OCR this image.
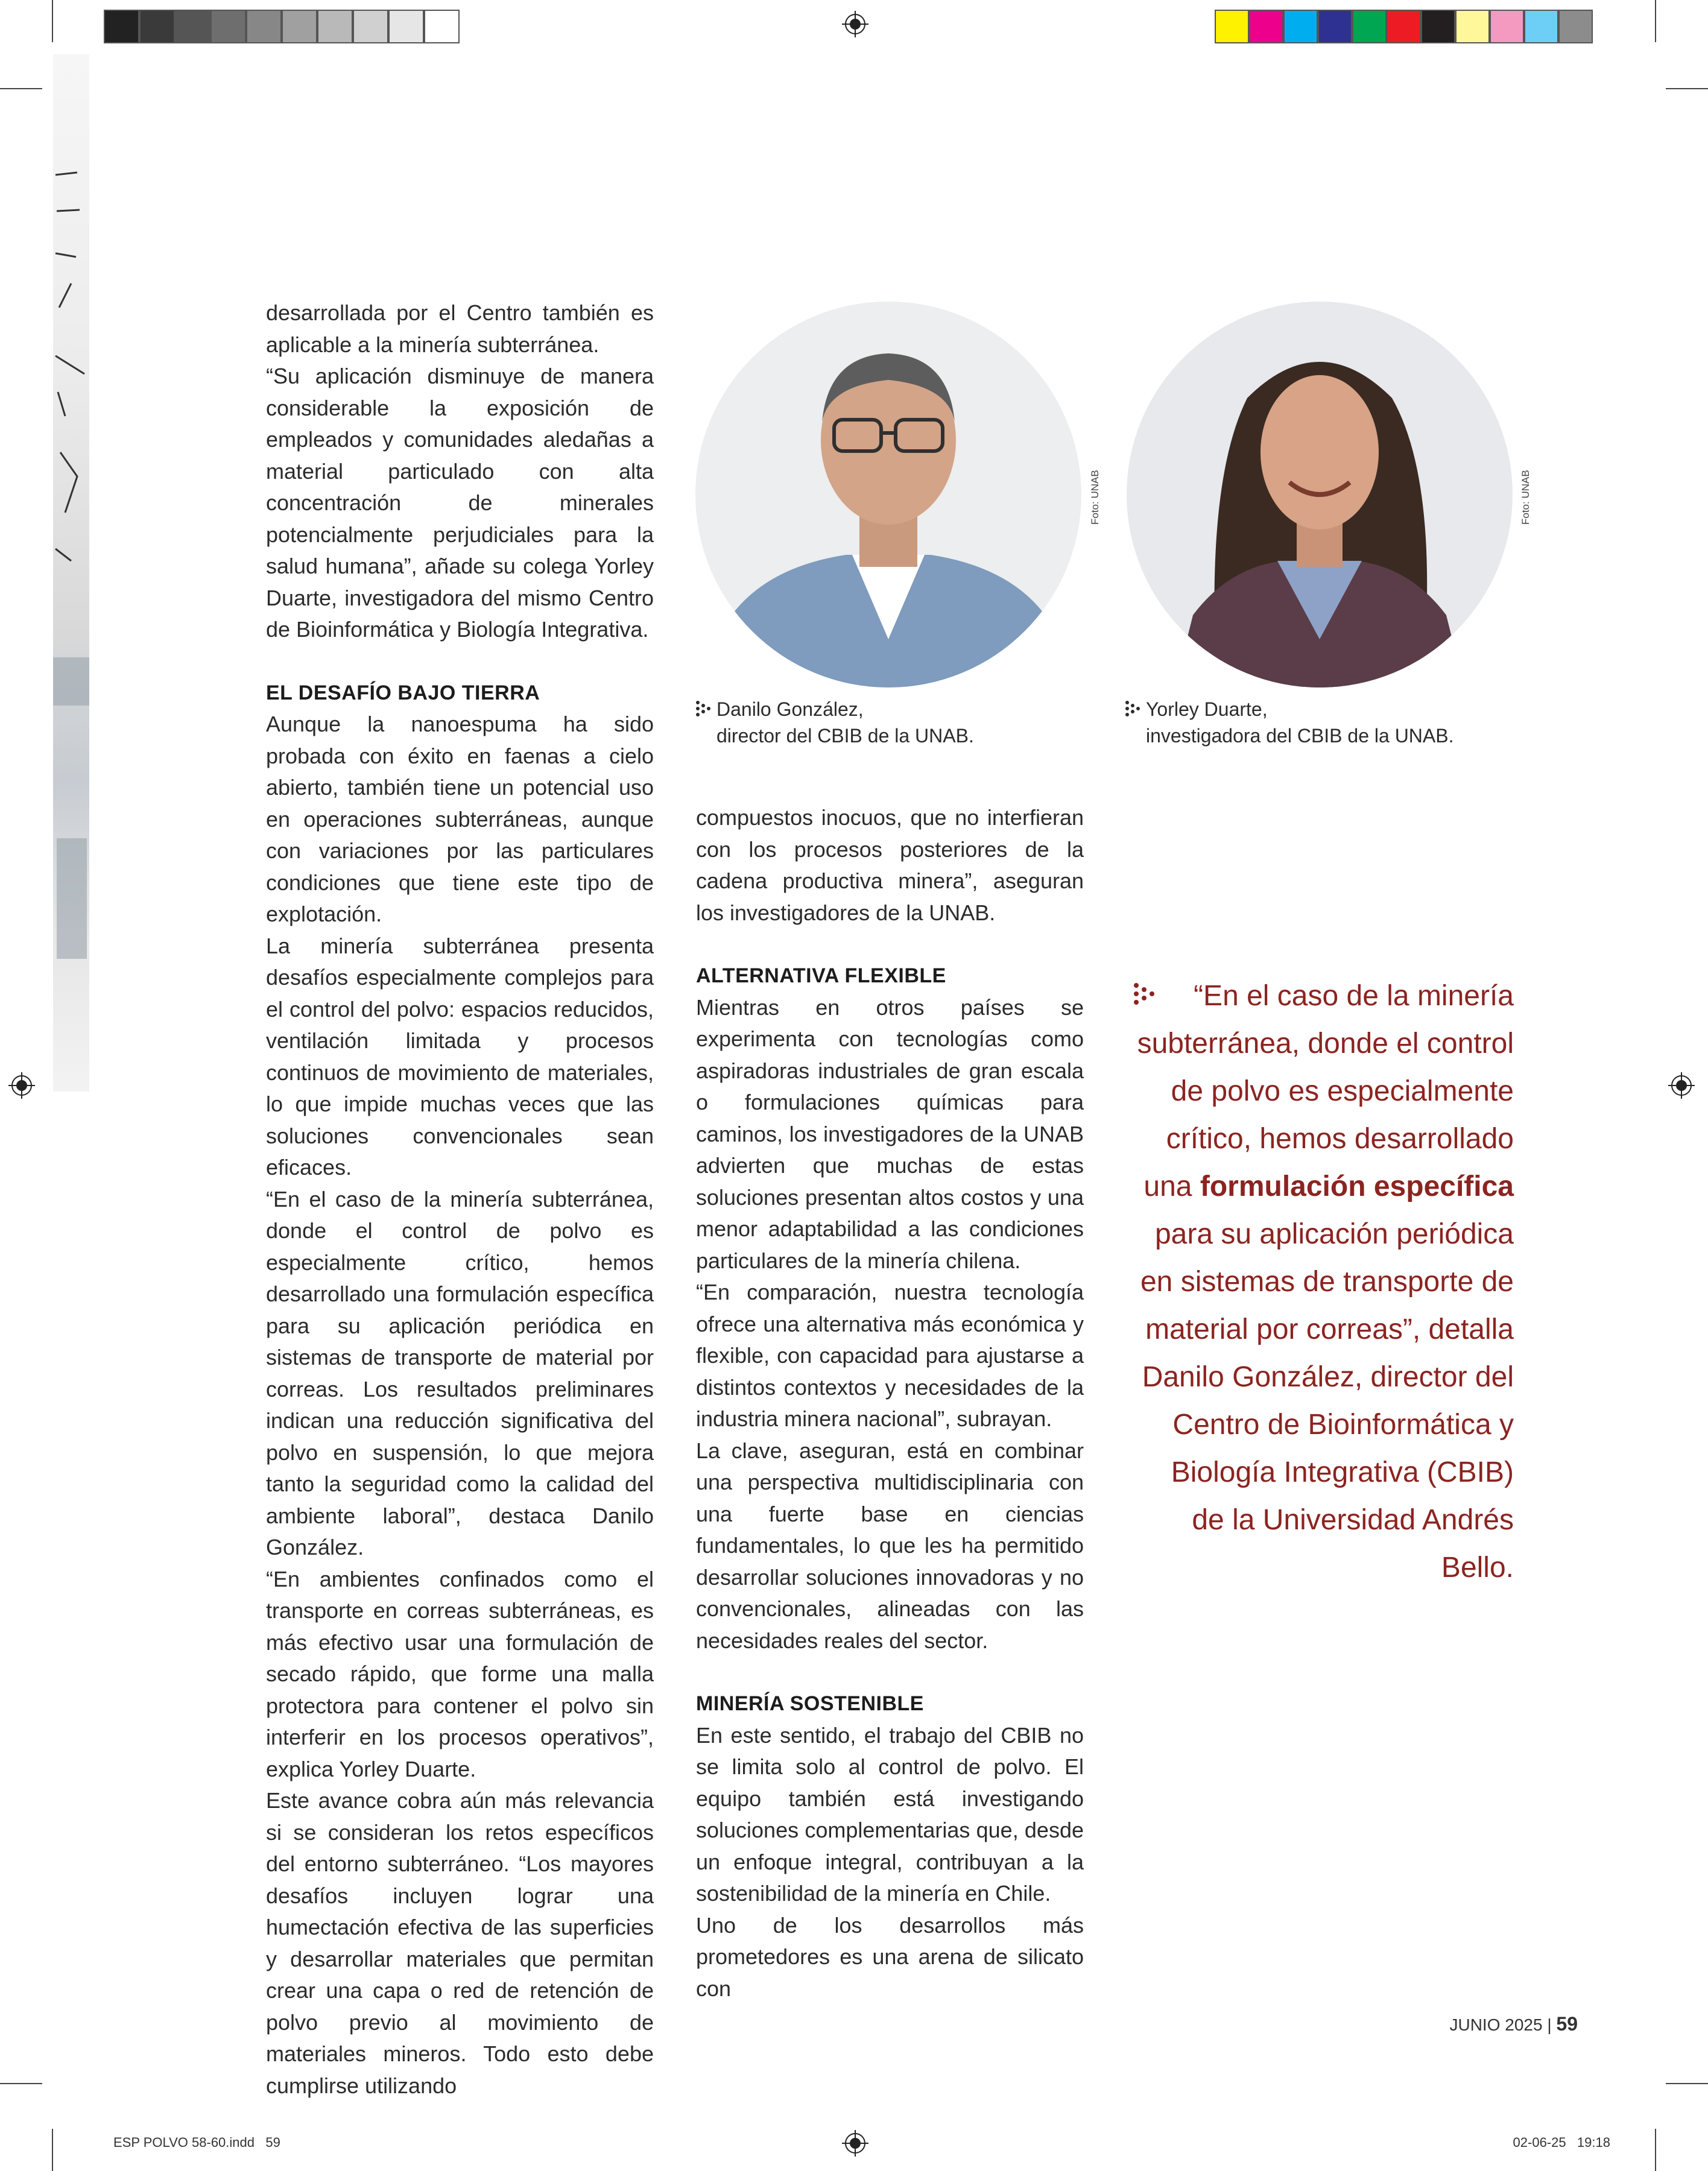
desarrollada por el Centro también es aplicable a la minería subterránea.

“Su aplicación disminuye de manera considerable la exposición de empleados y comunidades aledañas a material particulado con alta concentración de minerales potencialmente perjudiciales para la salud humana”, añade su colega Yorley Duarte, investigadora del mismo Centro de Bioinformática y Biología Integrativa.

EL DESAFÍO BAJO TIERRA

Aunque la nanoespuma ha sido probada con éxito en faenas a cielo abierto, también tiene un potencial uso en operaciones subterráneas, aunque con variaciones por las particulares condiciones que tiene este tipo de explotación.

La minería subterránea presenta desafíos especialmente complejos para el control del polvo: espacios reducidos, ventilación limitada y procesos continuos de movimiento de materiales, lo que impide muchas veces que las soluciones convencionales sean eficaces.

“En el caso de la minería subterránea, donde el control de polvo es especialmente crítico, hemos desarrollado una formulación específica para su aplicación periódica en sistemas de transporte de material por correas. Los resultados preliminares indican una reducción significativa del polvo en suspensión, lo que mejora tanto la seguridad como la calidad del ambiente laboral”, destaca Danilo González.

“En ambientes confinados como el transporte en correas subterráneas, es más efectivo usar una formulación de secado rápido, que forme una malla protectora para contener el polvo sin interferir en los procesos operativos”, explica Yorley Duarte.

Este avance cobra aún más relevancia si se consideran los retos específicos del entorno subterráneo. “Los mayores desafíos incluyen lograr una humectación efectiva de las superficies y desarrollar materiales que permitan crear una capa o red de retención de polvo previo al movimiento de materiales mineros. Todo esto debe cumplirse utilizando

Foto: UNAB	Foto: UNAB
Danilo González,
director del CBIB de la UNAB.
Yorley Duarte,
investigadora del CBIB de la UNAB.

compuestos inocuos, que no interfieran con los procesos posteriores de la cadena productiva minera”, aseguran los investigadores de la UNAB.

ALTERNATIVA FLEXIBLE

Mientras en otros países se experimenta con tecnologías como aspiradoras industriales de gran escala o formulaciones químicas para caminos, los investigadores de la UNAB advierten que muchas de estas soluciones presentan altos costos y una menor adaptabilidad a las condiciones particulares de la minería chilena.

“En comparación, nuestra tecnología ofrece una alternativa más económica y flexible, con capacidad para ajustarse a distintos contextos y necesidades de la industria minera nacional”, subrayan.

La clave, aseguran, está en combinar una perspectiva multidisciplinaria con una fuerte base en ciencias fundamentales, lo que les ha permitido desarrollar soluciones innovadoras y no convencionales, alineadas con las necesidades reales del sector.

MINERÍA SOSTENIBLE

En este sentido, el trabajo del CBIB no se limita solo al control de polvo. El equipo también está investigando soluciones complementarias que, desde un enfoque integral, contribuyan a la sostenibilidad de la minería en Chile.

Uno de los desarrollos más prometedores es una arena de silicato con

“En el caso de la minería subterránea, donde el control de polvo es especialmente crítico, hemos desarrollado una formulación específica para su aplicación periódica en sistemas de transporte de material por correas”, detalla Danilo González, director del Centro de Bioinformática y Biología Integrativa (CBIB) de la Universidad Andrés Bello.
JUNIO 2025 | 59
ESP POLVO 58-60.indd   59	02-06-25   19:18
